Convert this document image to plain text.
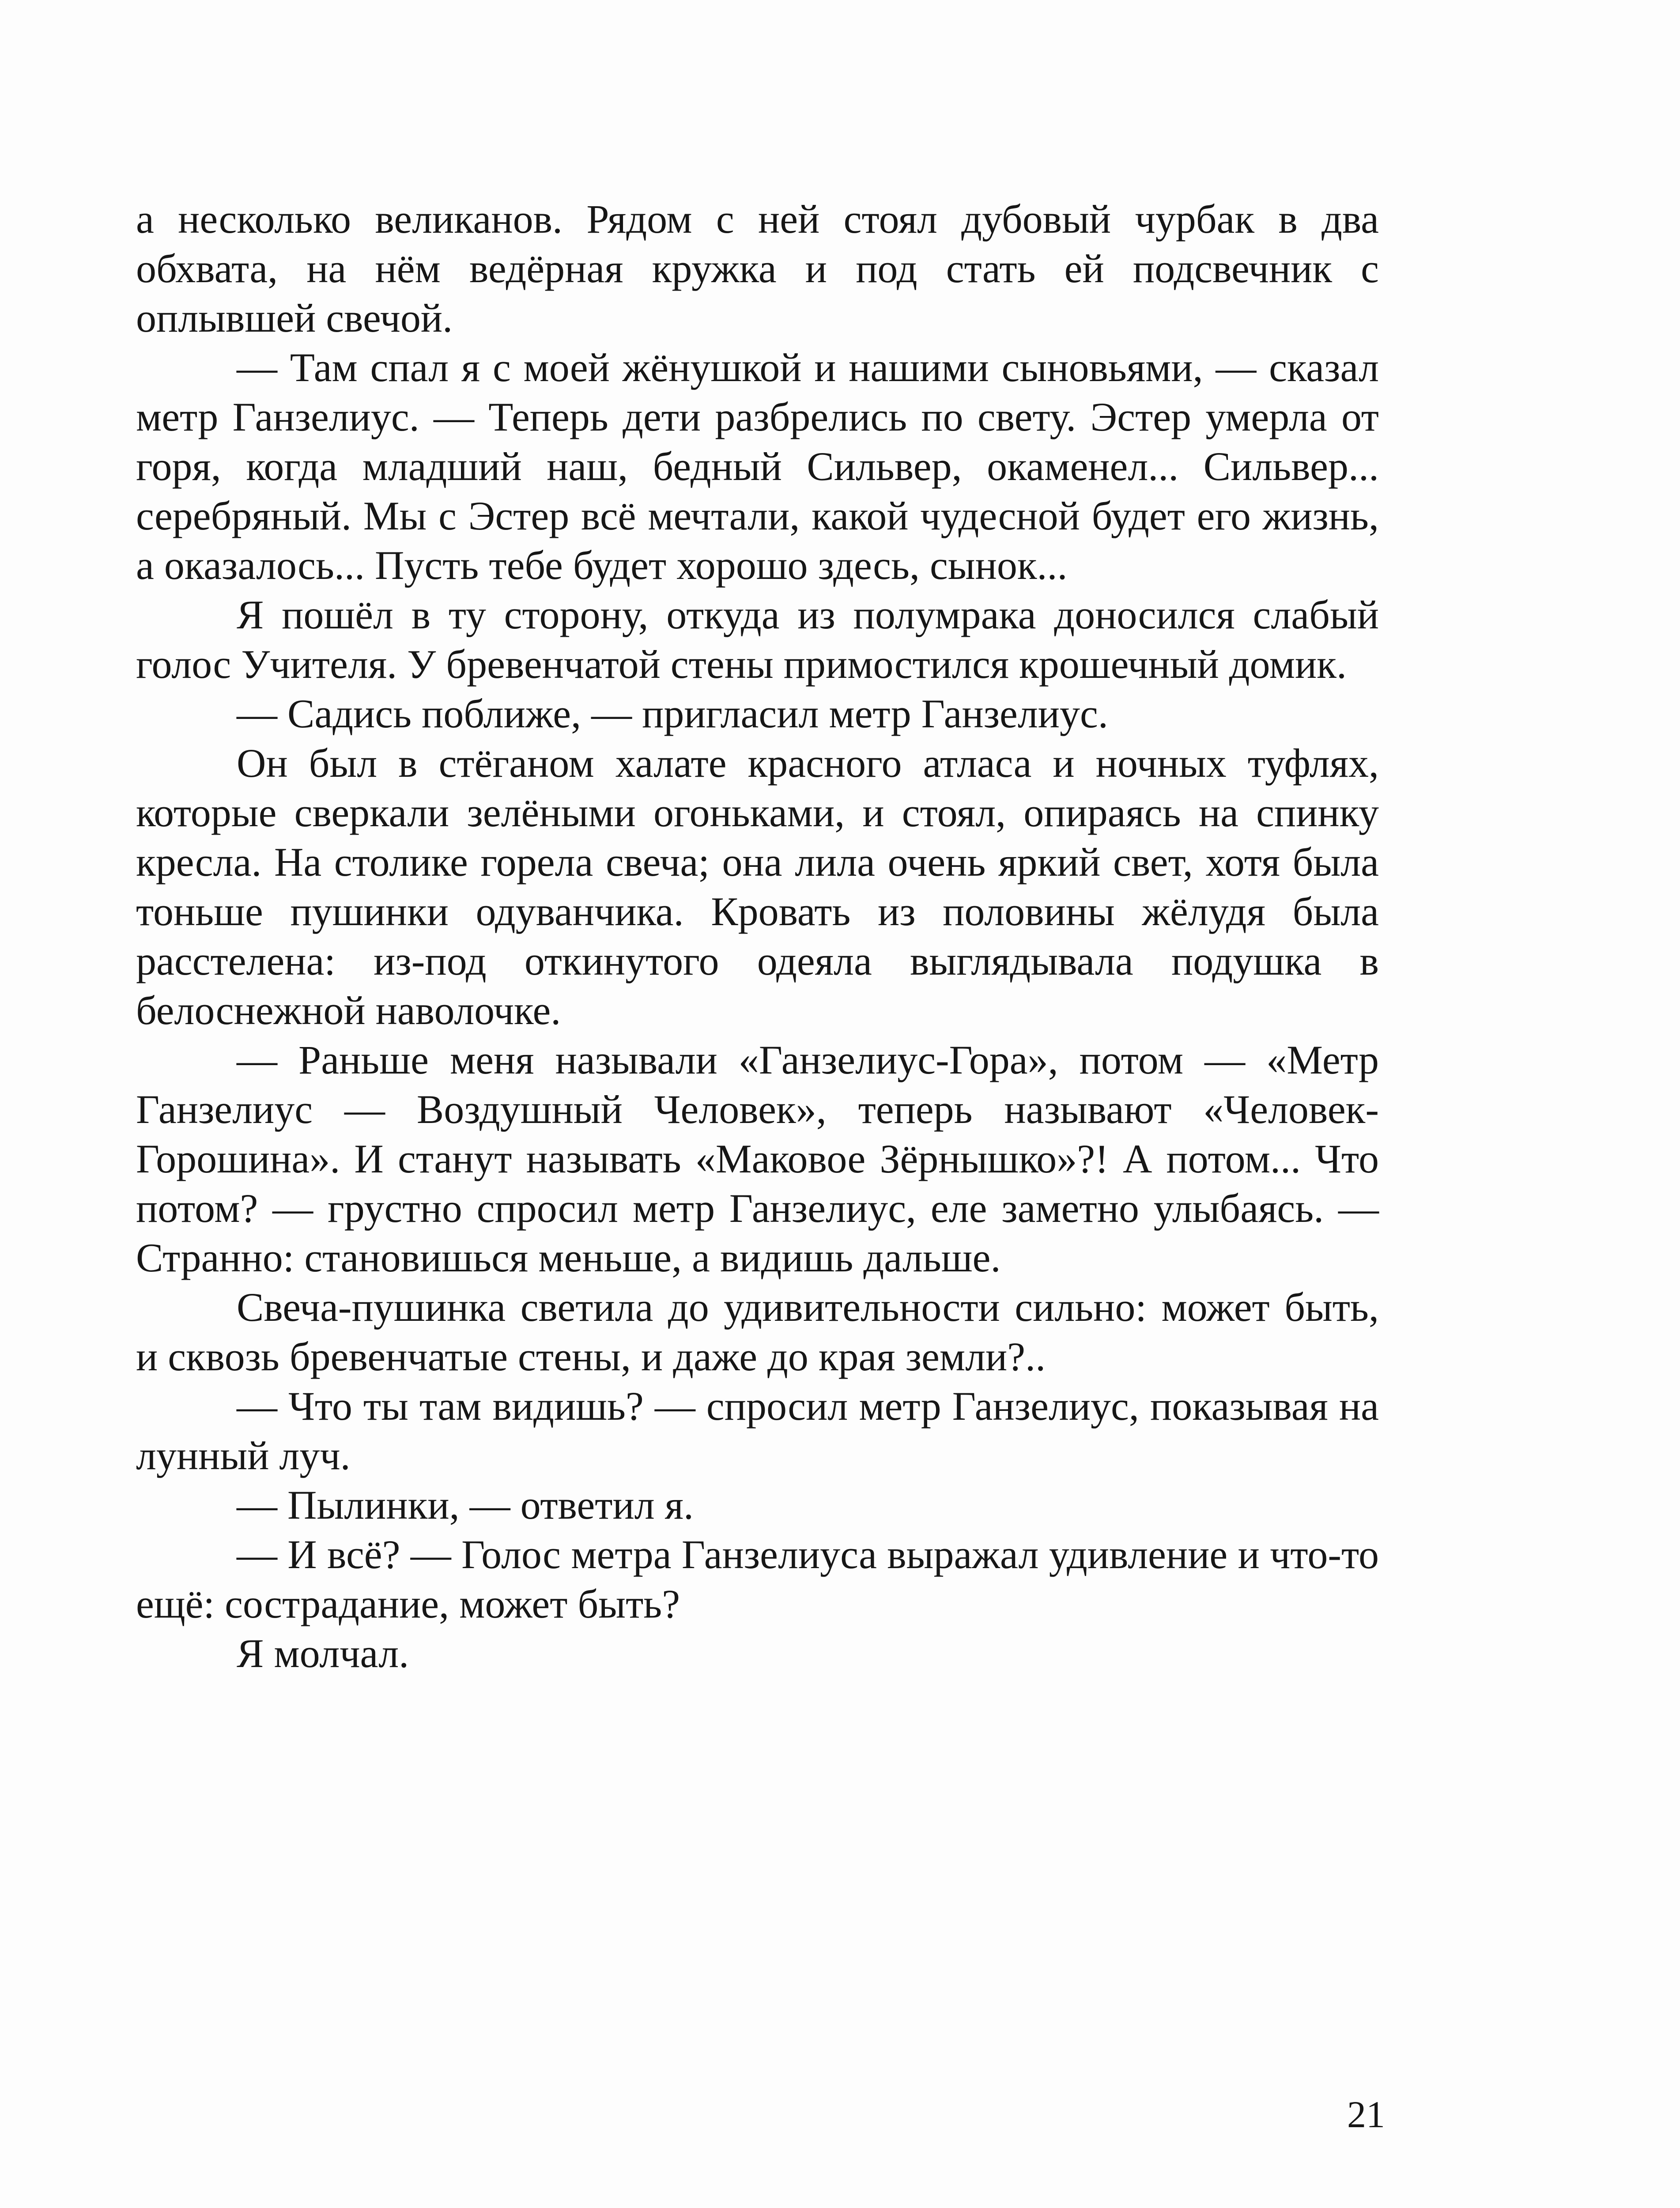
а несколько великанов. Рядом с ней стоял дубовый чурбак в два обхвата, на нём ведёрная кружка и под стать ей подсвечник с оплывшей свечой.

— Там спал я с моей жёнушкой и нашими сыновьями, — сказал метр Ганзелиус. — Теперь дети разбрелись по свету. Эстер умерла от горя, когда младший наш, бедный Сильвер, окаменел... Сильвер... серебряный. Мы с Эстер всё мечтали, какой чудесной будет его жизнь, а оказалось... Пусть тебе будет хорошо здесь, сынок...

Я пошёл в ту сторону, откуда из полумрака доносился слабый голос Учителя. У бревенчатой стены примостился крошечный домик.

— Садись поближе, — пригласил метр Ганзелиус.

Он был в стёганом халате красного атласа и ночных туфлях, которые сверкали зелёными огоньками, и стоял, опираясь на спинку кресла. На столике горела свеча; она лила очень яркий свет, хотя была тоньше пушинки одуванчика. Кровать из половины жёлудя была расстелена: из-под откинутого одеяла выглядывала подушка в белоснежной наволочке.

— Раньше меня называли «Ганзелиус-Гора», потом — «Метр Ганзелиус — Воздушный Человек», теперь называют «Человек-Горошина». И станут называть «Маковое Зёрнышко»?! А потом... Что потом? — грустно спросил метр Ганзелиус, еле заметно улыбаясь. — Странно: становишься меньше, а видишь дальше.

Свеча-пушинка светила до удивительности сильно: может быть, и сквозь бревенчатые стены, и даже до края земли?..

— Что ты там видишь? — спросил метр Ганзелиус, показывая на лунный луч.

— Пылинки, — ответил я.

— И всё? — Голос метра Ганзелиуса выражал удивление и что-то ещё: сострадание, может быть?

Я молчал.

21
